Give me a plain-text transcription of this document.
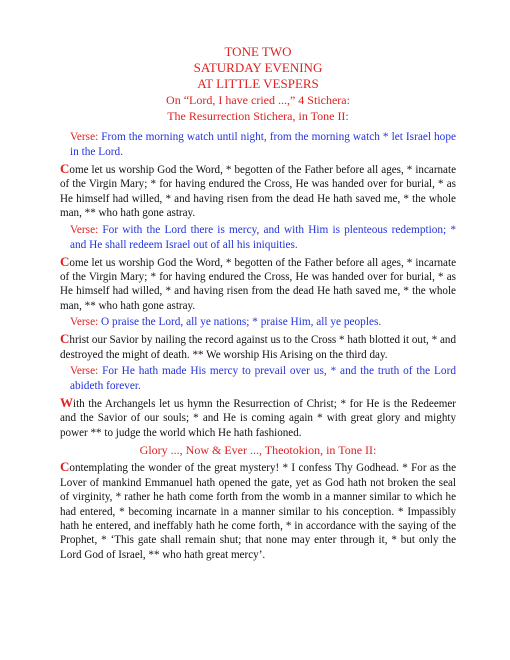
TONE TWO
SATURDAY EVENING
AT LITTLE VESPERS
On “Lord, I have cried ...,” 4 Stichera:
The Resurrection Stichera, in Tone II:
Verse: From the morning watch until night, from the morning watch * let Israel hope in the Lord.
Come let us worship God the Word, * begotten of the Father before all ages, * incarnate of the Virgin Mary; * for having endured the Cross, He was handed over for burial, * as He himself had willed, * and having risen from the dead He hath saved me, * the whole man, ** who hath gone astray.
Verse: For with the Lord there is mercy, and with Him is plenteous redemption; * and He shall redeem Israel out of all his iniquities.
Come let us worship God the Word, * begotten of the Father before all ages, * incarnate of the Virgin Mary; * for having endured the Cross, He was handed over for burial, * as He himself had willed, * and having risen from the dead He hath saved me, * the whole man, ** who hath gone astray.
Verse: O praise the Lord, all ye nations; * praise Him, all ye peoples.
Christ our Savior by nailing the record against us to the Cross * hath blotted it out, * and destroyed the might of death. ** We worship His Arising on the third day.
Verse: For He hath made His mercy to prevail over us, * and the truth of the Lord abideth forever.
With the Archangels let us hymn the Resurrection of Christ; * for He is the Redeemer and the Savior of our souls; * and He is coming again * with great glory and mighty power ** to judge the world which He hath fashioned.
Glory ..., Now & Ever ..., Theotokion, in Tone II:
Contemplating the wonder of the great mystery! * I confess Thy Godhead. * For as the Lover of mankind Emmanuel hath opened the gate, yet as God hath not broken the seal of virginity, * rather he hath come forth from the womb in a manner similar to which he had entered, * becoming incarnate in a manner similar to his conception. * Impassibly hath he entered, and ineffably hath he come forth, * in accordance with the saying of the Prophet, * ‘This gate shall remain shut; that none may enter through it, * but only the Lord God of Israel, ** who hath great mercy’.
